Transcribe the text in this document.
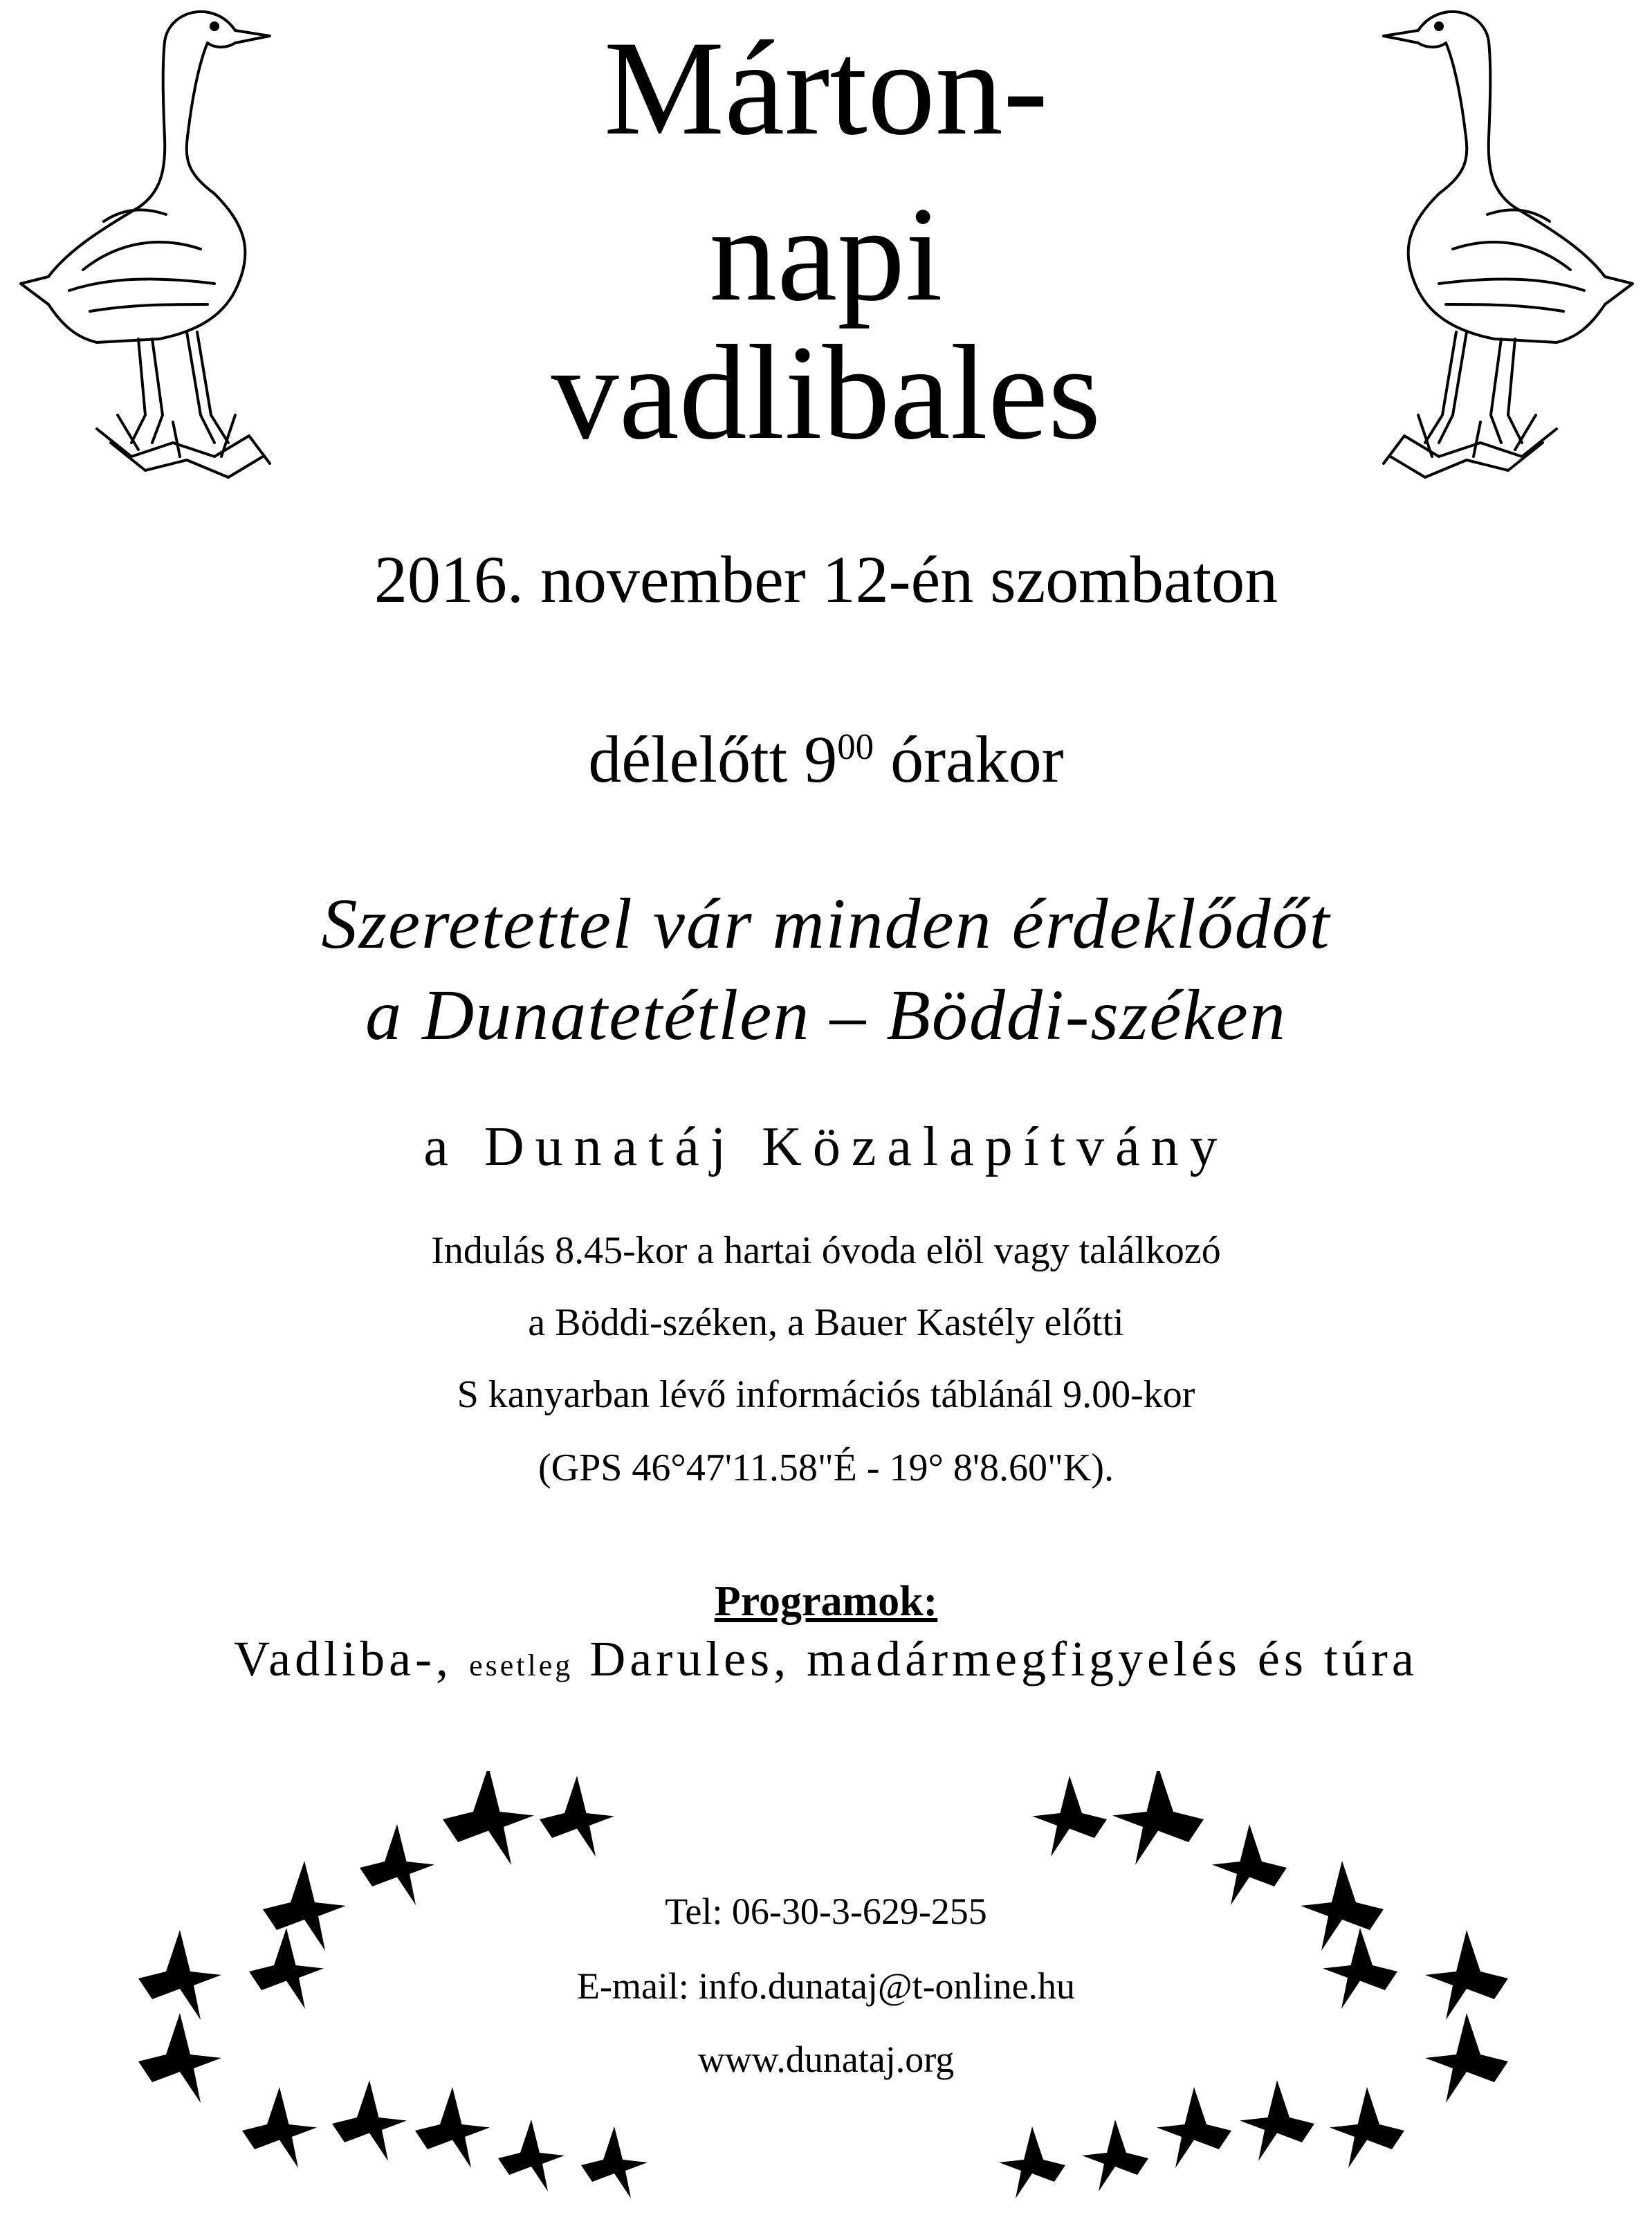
Márton-
napi
vadlibales
2016. november 12-én szombaton
délelőtt $9^{00}$ órakor
Szeretettel vár minden érdeklődőt
a Dunatetétlen – Böddi-széken
a Dunatáj Közalapítvány
Indulás 8.45-kor a hartai óvoda elöl vagy találkozó
a Böddi-széken, a Bauer Kastély előtti
S kanyarban lévő információs táblánál 9.00-kor
(GPS 46°47'11.58"É - 19° 8'8.60"K).
Programok:
Vadliba-, esetleg Darules, madármegfigyelés és túra
Tel: 06-30-3-629-255
E-mail: info.dunataj@t-online.hu
www.dunataj.org
